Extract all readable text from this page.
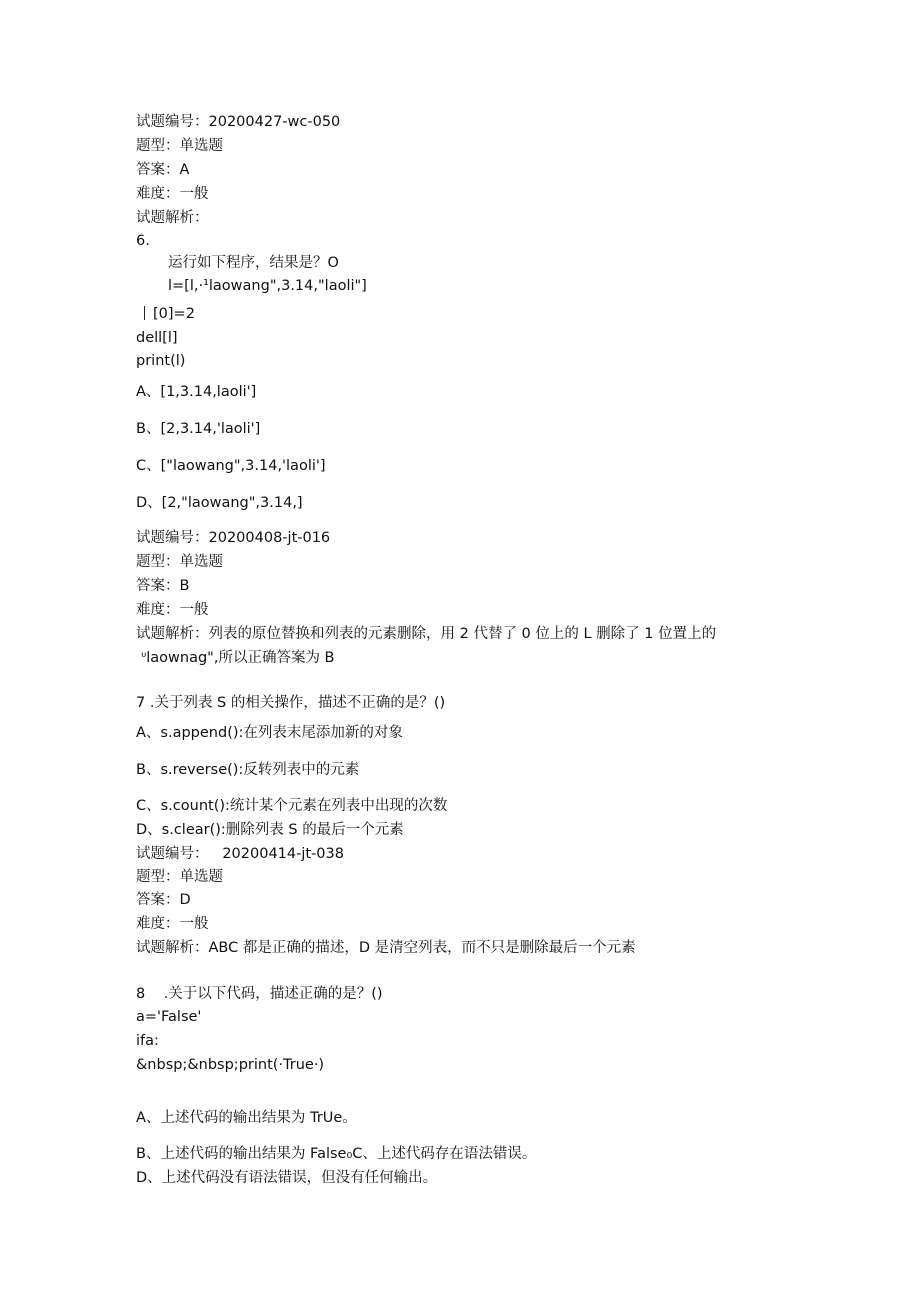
试题编号：20200427-wc-050
题型：单选题
答案：A
难度：一般
试题解析：
6.
运行如下程序，结果是？O
l=[l,·¹laowang",3.14,"laoli"]
[0]=2
dell[l]
print(l)
A、[1,3.14,laoli']
B、[2,3.14,'laoli']
C、["laowang",3.14,'laoli']
D、[2,"laowang",3.14,]
试题编号：20200408-jt-016
题型：单选题
答案：B
难度：一般
试题解析：列表的原位替换和列表的元素删除，用 2 代替了 0 位上的 L 删除了 1 位置上的
ᶸlaownag",所以正确答案为 B
7 .关于列表 S 的相关操作，描述不正确的是？()
A、s.append():在列表末尾添加新的对象
B、s.reverse():反转列表中的元素
C、s.count():统计某个元素在列表中出现的次数
D、s.clear():删除列表 S 的最后一个元素
试题编号：   20200414-jt-038
题型：单选题
答案：D
难度：一般
试题解析：ABC 都是正确的描述，D 是清空列表，而不只是删除最后一个元素
8    .关于以下代码，描述正确的是？()
a='False'
ifa:
&nbsp;&nbsp;print(·True·)
A、上述代码的输出结果为 TrUe。
B、上述代码的输出结果为 False₀C、上述代码存在语法错误。
D、上述代码没有语法错误，但没有任何输出。
